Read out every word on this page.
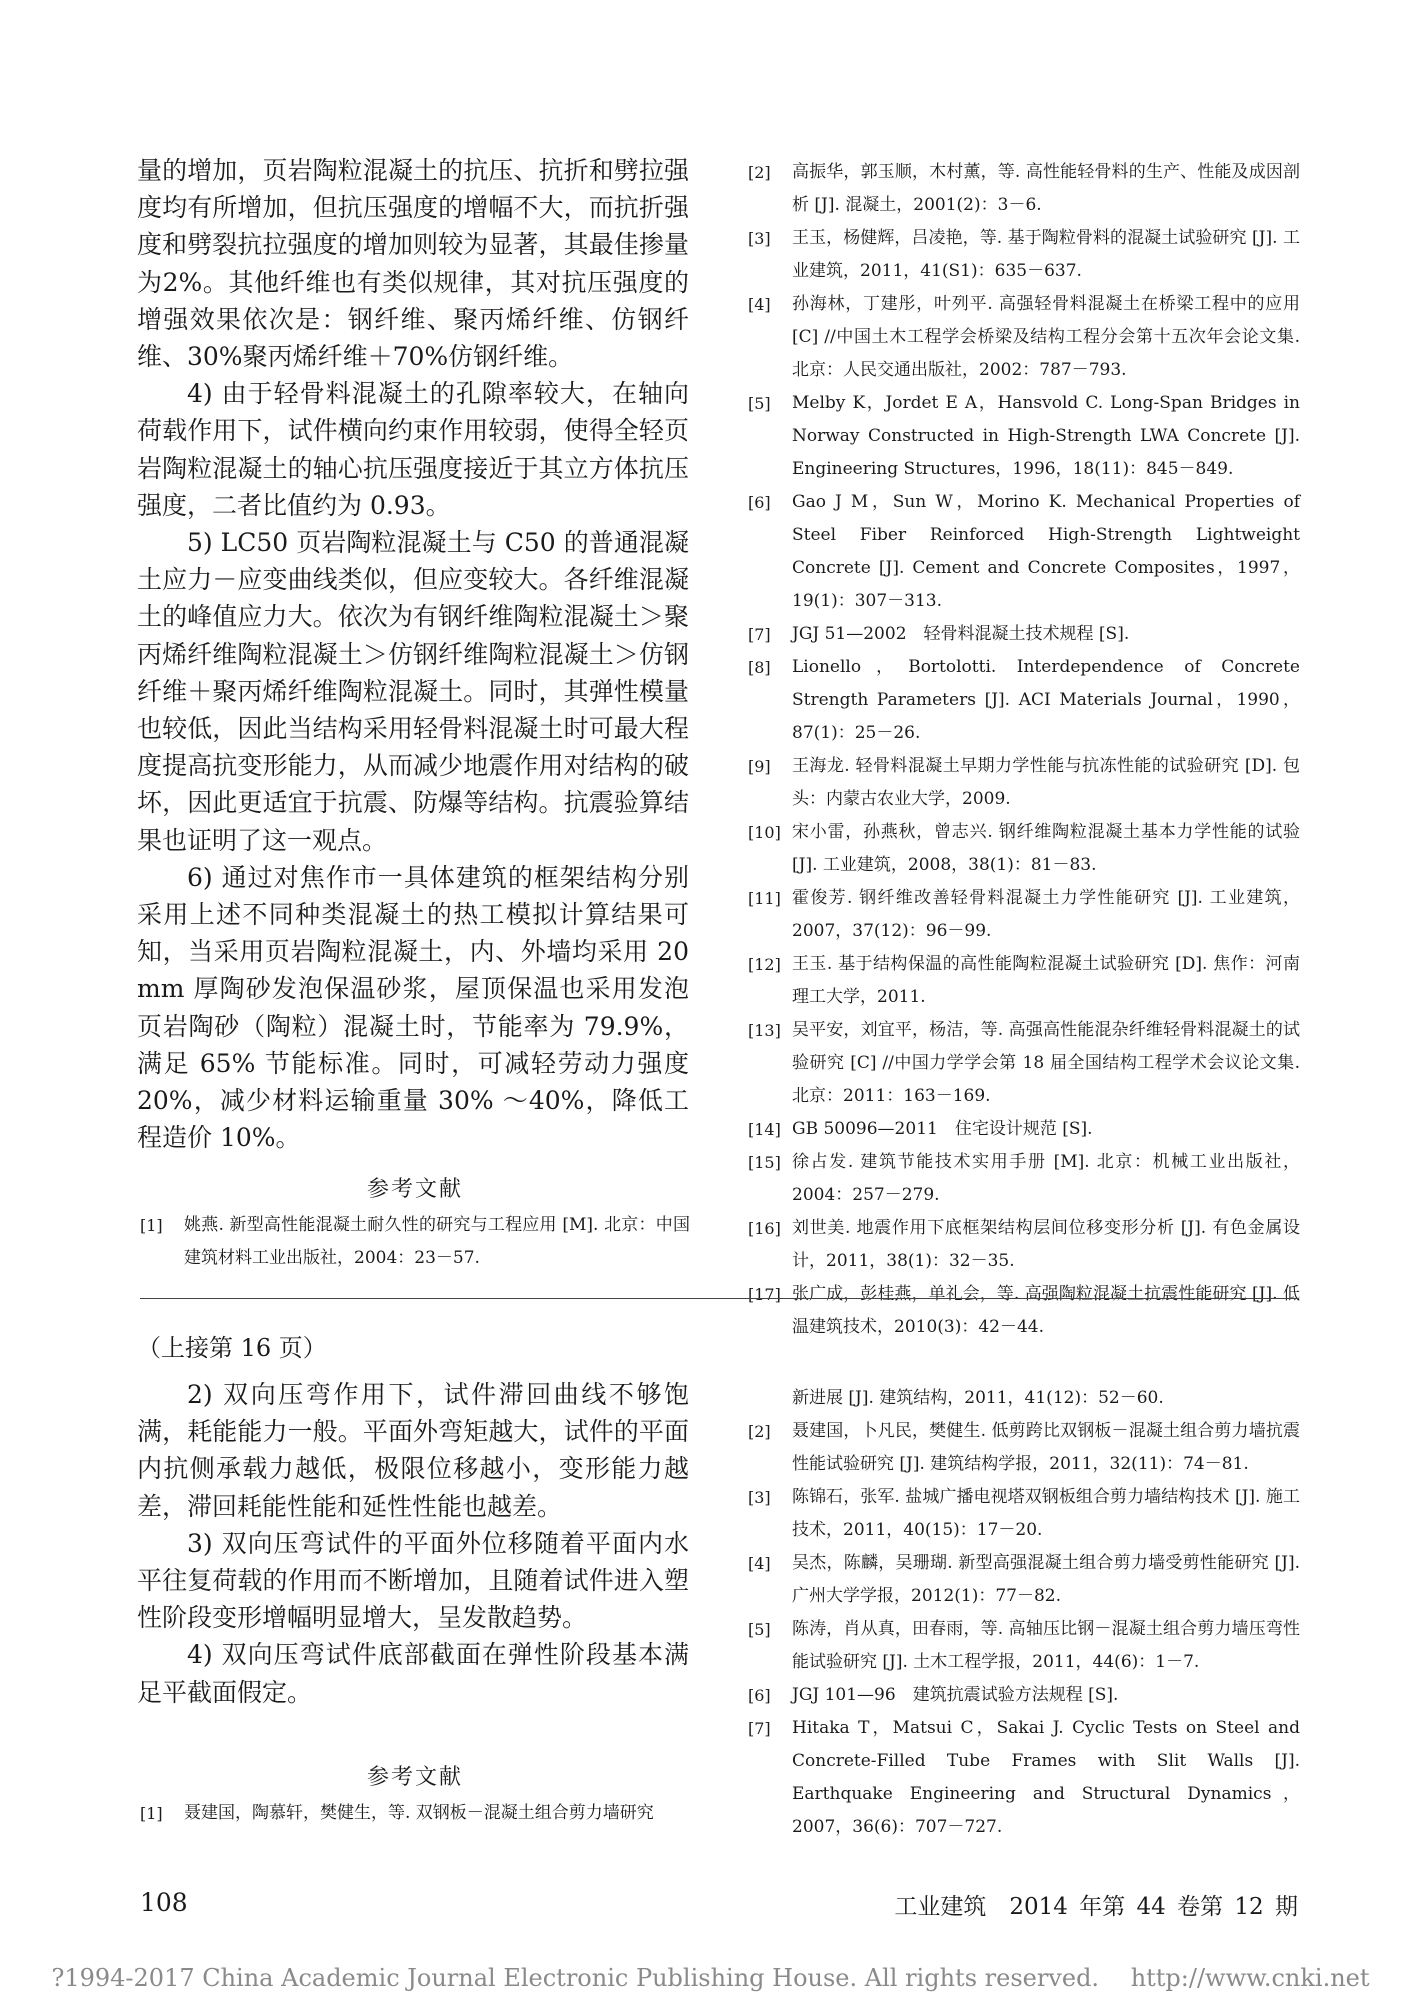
量的增加，页岩陶粒混凝土的抗压、抗折和劈拉强度均有所增加，但抗压强度的增幅不大，而抗折强度和劈裂抗拉强度的增加则较为显著，其最佳掺量为2%。其他纤维也有类似规律，其对抗压强度的增强效果依次是：钢纤维、聚丙烯纤维、仿钢纤维、30%聚丙烯纤维＋70%仿钢纤维。

4) 由于轻骨料混凝土的孔隙率较大，在轴向荷载作用下，试件横向约束作用较弱，使得全轻页岩陶粒混凝土的轴心抗压强度接近于其立方体抗压强度，二者比值约为 0.93。

5) LC50 页岩陶粒混凝土与 C50 的普通混凝土应力－应变曲线类似，但应变较大。各纤维混凝土的峰值应力大。依次为有钢纤维陶粒混凝土＞聚丙烯纤维陶粒混凝土＞仿钢纤维陶粒混凝土＞仿钢纤维＋聚丙烯纤维陶粒混凝土。同时，其弹性模量也较低，因此当结构采用轻骨料混凝土时可最大程度提高抗变形能力，从而减少地震作用对结构的破坏，因此更适宜于抗震、防爆等结构。抗震验算结果也证明了这一观点。

6) 通过对焦作市一具体建筑的框架结构分别采用上述不同种类混凝土的热工模拟计算结果可知，当采用页岩陶粒混凝土，内、外墙均采用 20 mm 厚陶砂发泡保温砂浆，屋顶保温也采用发泡页岩陶砂（陶粒）混凝土时，节能率为 79.9%，满足 65% 节能标准。同时，可减轻劳动力强度 20%，减少材料运输重量 30% ～40%，降低工程造价 10%。

参考文献
[1]	姚燕. 新型高性能混凝土耐久性的研究与工程应用 [M]. 北京：中国建筑材料工业出版社，2004：23－57.
[2]	高振华，郭玉顺，木村薰，等. 高性能轻骨料的生产、性能及成因剖析 [J]. 混凝土，2001(2)：3－6.
[3]	王玉，杨健辉，吕凌艳，等. 基于陶粒骨料的混凝土试验研究 [J]. 工业建筑，2011，41(S1)：635－637.
[4]	孙海林，丁建彤，叶列平. 高强轻骨料混凝土在桥梁工程中的应用 [C] //中国土木工程学会桥梁及结构工程分会第十五次年会论文集. 北京：人民交通出版社，2002：787－793.
[5]	Melby K，Jordet E A，Hansvold C. Long-Span Bridges in Norway Constructed in High-Strength LWA Concrete [J]. Engineering Structures，1996，18(11)：845－849.
[6]	Gao J M，Sun W，Morino K. Mechanical Properties of Steel Fiber Reinforced High-Strength Lightweight Concrete [J]. Cement and Concrete Composites，1997，19(1)：307－313.
[7]	JGJ 51—2002　轻骨料混凝土技术规程 [S].
[8]	Lionello，Bortolotti. Interdependence of Concrete Strength Parameters [J]. ACI Materials Journal，1990，87(1)：25－26.
[9]	王海龙. 轻骨料混凝土早期力学性能与抗冻性能的试验研究 [D]. 包头：内蒙古农业大学，2009.
[10] 宋小雷，孙燕秋，曾志兴. 钢纤维陶粒混凝土基本力学性能的试验 [J]. 工业建筑，2008，38(1)：81－83.
[11] 霍俊芳. 钢纤维改善轻骨料混凝土力学性能研究 [J]. 工业建筑，2007，37(12)：96－99.
[12] 王玉. 基于结构保温的高性能陶粒混凝土试验研究 [D]. 焦作：河南理工大学，2011.
[13] 吴平安，刘宜平，杨洁，等. 高强高性能混杂纤维轻骨料混凝土的试验研究 [C] //中国力学学会第 18 届全国结构工程学术会议论文集. 北京：2011：163－169.
[14] GB 50096—2011　住宅设计规范 [S].
[15] 徐占发. 建筑节能技术实用手册 [M]. 北京：机械工业出版社，2004：257－279.
[16] 刘世美. 地震作用下底框架结构层间位移变形分析 [J]. 有色金属设计，2011，38(1)：32－35.
[17] 张广成，彭桂燕，单礼会，等. 高强陶粒混凝土抗震性能研究 [J]. 低温建筑技术，2010(3)：42－44.
（上接第 16 页）

2) 双向压弯作用下，试件滞回曲线不够饱满，耗能能力一般。平面外弯矩越大，试件的平面内抗侧承载力越低，极限位移越小，变形能力越差，滞回耗能性能和延性性能也越差。

3) 双向压弯试件的平面外位移随着平面内水平往复荷载的作用而不断增加，且随着试件进入塑性阶段变形增幅明显增大，呈发散趋势。

4) 双向压弯试件底部截面在弹性阶段基本满足平截面假定。

参考文献
[1]	聂建国，陶慕轩，樊健生，等. 双钢板－混凝土组合剪力墙研究
新进展 [J]. 建筑结构，2011，41(12)：52－60.
[2]	聂建国，卜凡民，樊健生. 低剪跨比双钢板－混凝土组合剪力墙抗震性能试验研究 [J]. 建筑结构学报，2011，32(11)：74－81.
[3]	陈锦石，张军. 盐城广播电视塔双钢板组合剪力墙结构技术 [J]. 施工技术，2011，40(15)：17－20.
[4]	吴杰，陈麟，吴珊瑚. 新型高强混凝土组合剪力墙受剪性能研究 [J]. 广州大学学报，2012(1)：77－82.
[5]	陈涛，肖从真，田春雨，等. 高轴压比钢－混凝土组合剪力墙压弯性能试验研究 [J]. 土木工程学报，2011，44(6)：1－7.
[6]	JGJ 101—96　建筑抗震试验方法规程 [S].
[7]	Hitaka T，Matsui C，Sakai J. Cyclic Tests on Steel and Concrete-Filled Tube Frames with Slit Walls [J]. Earthquake Engineering and Structural Dynamics，2007，36(6)：707－727.
108	工业建筑　2014 年第 44 卷第 12 期
?1994-2017 China Academic Journal Electronic Publishing House. All rights reserved.　 http://www.cnki.net
